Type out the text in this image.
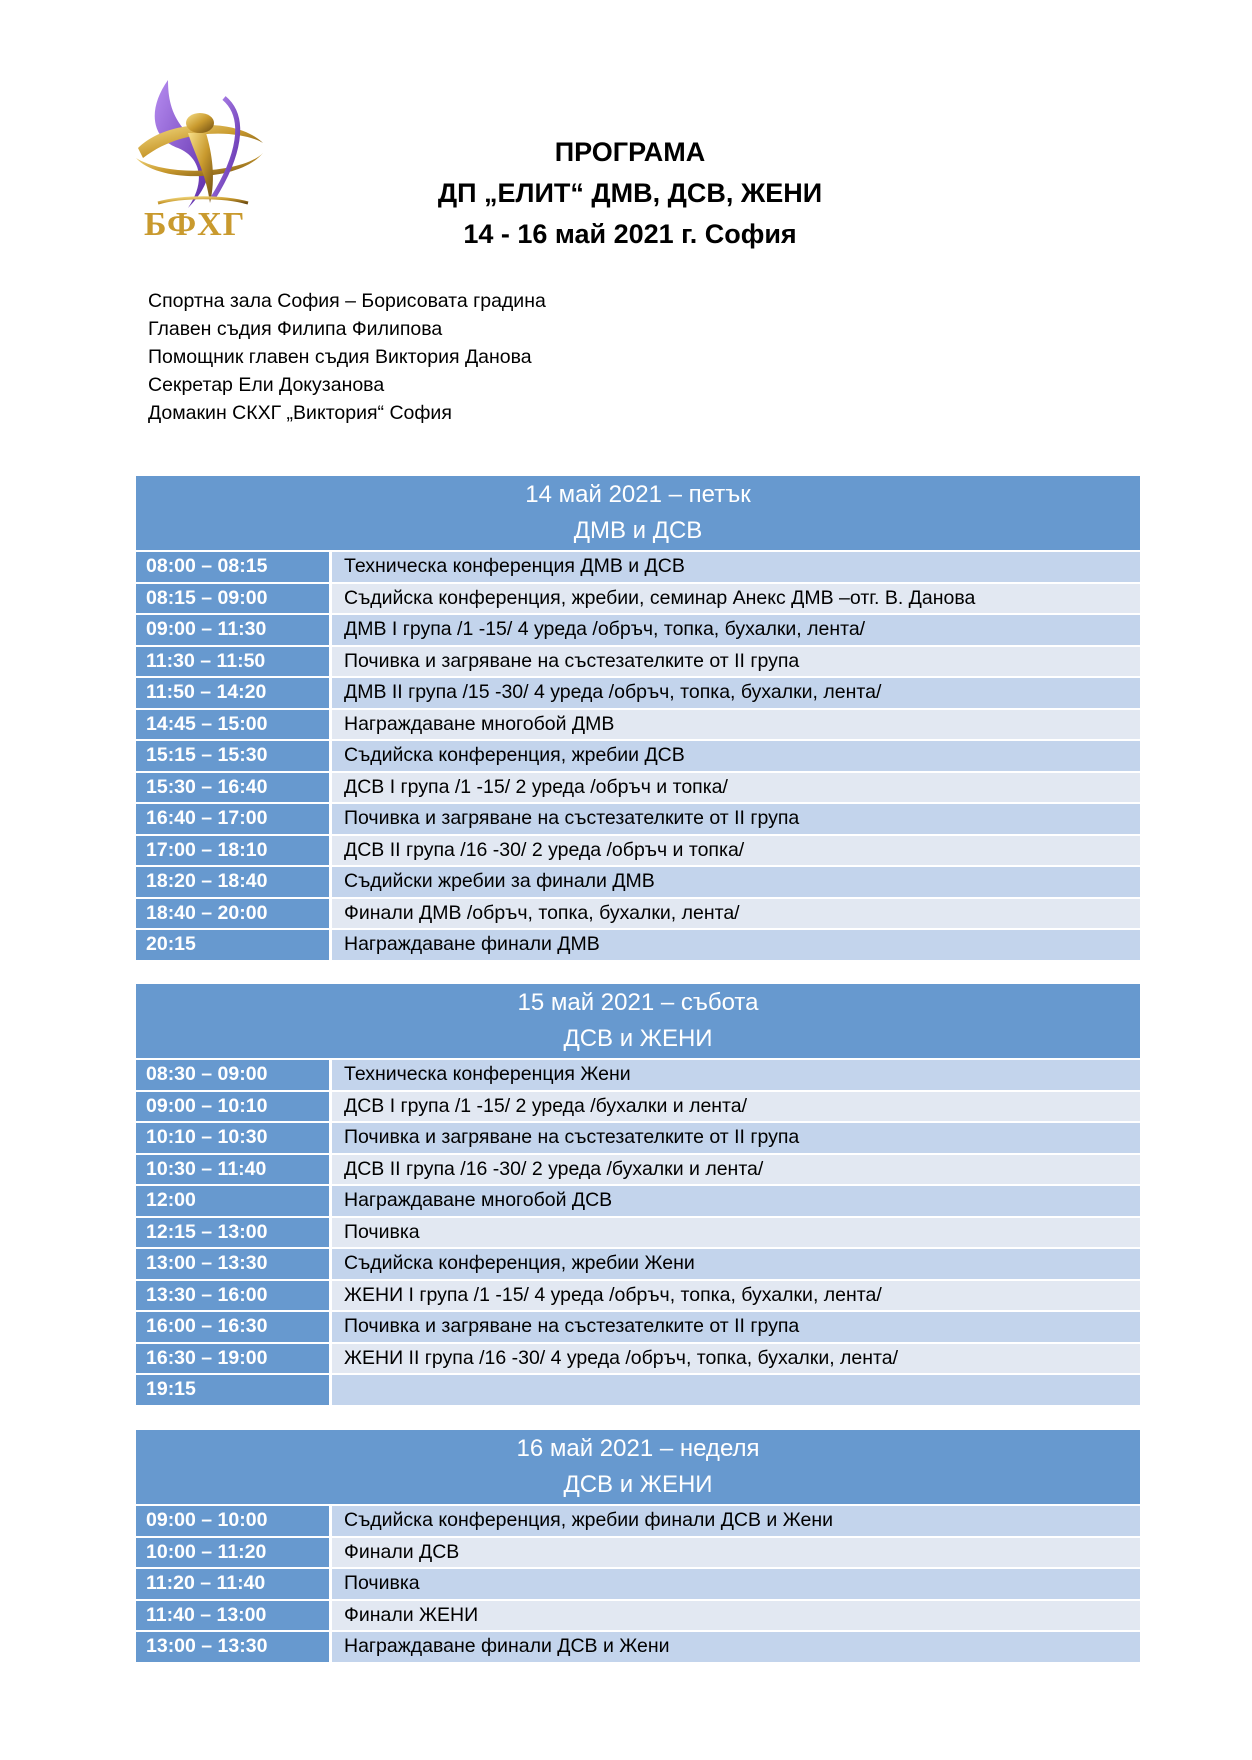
БФХГ
ПРОГРАМА
ДП „ЕЛИТ“ ДМВ, ДСВ, ЖЕНИ
14 - 16 май 2021 г. София
Спортна зала София – Борисовата градина
Главен съдия Филипа Филипова
Помощник главен съдия Виктория Данова
Секретар Ели Докузанова
Домакин СКХГ „Виктория“ София
14 май 2021 – петък
ДМВ и ДСВ
08:00 – 08:15	Техническа конференция ДМВ и ДСВ
08:15 – 09:00	Съдийска конференция, жребии, семинар Анекс ДМВ –отг. В. Данова
09:00 – 11:30	ДМВ I група /1 -15/ 4 уреда /обръч, топка, бухалки, лента/
11:30 – 11:50	Почивка и загряване на състезателките от II група
11:50 – 14:20	ДМВ II група /15 -30/ 4 уреда /обръч, топка, бухалки, лента/
14:45 – 15:00	Награждаване многобой ДМВ
15:15 – 15:30	Съдийска конференция, жребии ДСВ
15:30 – 16:40	ДСВ I група /1 -15/ 2 уреда /обръч и топка/
16:40 – 17:00	Почивка и загряване на състезателките от II група
17:00 – 18:10	ДСВ II група /16 -30/ 2 уреда /обръч и топка/
18:20 – 18:40	Съдийски жребии за финали ДМВ
18:40 – 20:00	Финали ДМВ /обръч, топка, бухалки, лента/
20:15	Награждаване финали ДМВ
15 май 2021 – събота
ДСВ и ЖЕНИ
08:30 – 09:00	Техническа конференция Жени
09:00 – 10:10	ДСВ I група /1 -15/ 2 уреда /бухалки и лента/
10:10 – 10:30	Почивка и загряване на състезателките от II група
10:30 – 11:40	ДСВ II група /16 -30/ 2 уреда /бухалки и лента/
12:00	Награждаване многобой ДСВ
12:15 – 13:00	Почивка
13:00 – 13:30	Съдийска конференция, жребии Жени
13:30 – 16:00	ЖЕНИ I група /1 -15/ 4 уреда /обръч, топка, бухалки, лента/
16:00 – 16:30	Почивка и загряване на състезателките от II група
16:30 – 19:00	ЖЕНИ II група /16 -30/ 4 уреда /обръч, топка, бухалки, лента/
19:15
16 май 2021 – неделя
ДСВ и ЖЕНИ
09:00 – 10:00	Съдийска конференция, жребии финали ДСВ и Жени
10:00 – 11:20	Финали ДСВ
11:20 – 11:40	Почивка
11:40 – 13:00	Финали ЖЕНИ
13:00 – 13:30	Награждаване финали ДСВ и Жени
